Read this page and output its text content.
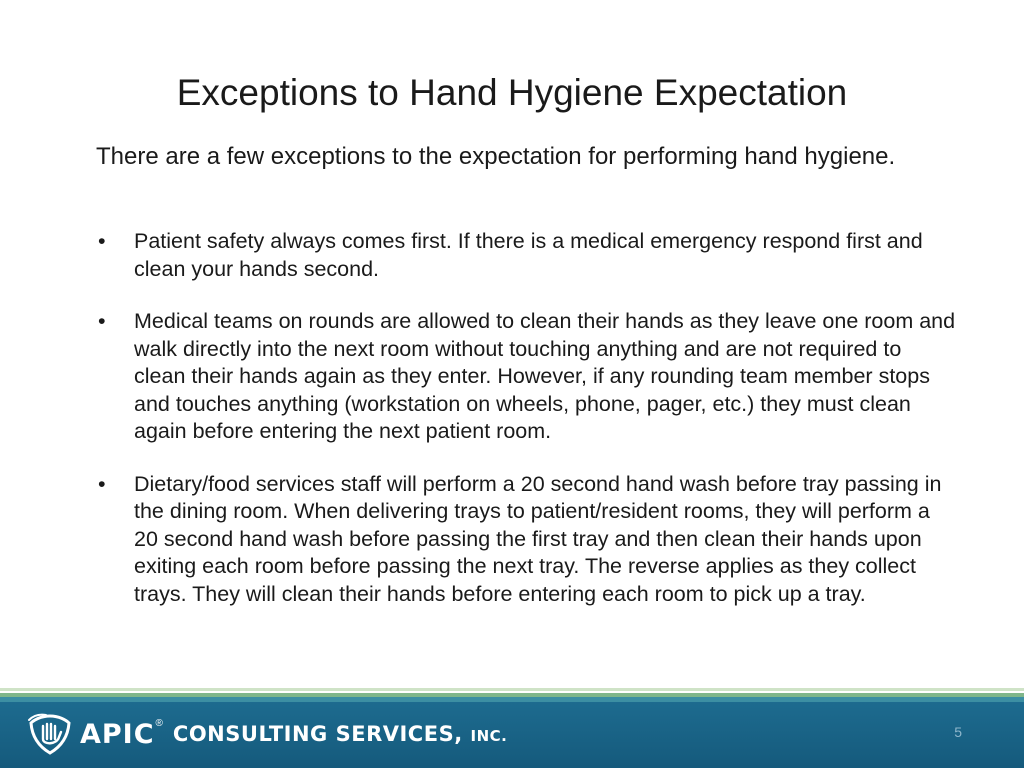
Exceptions to Hand Hygiene Expectation
There are a few exceptions to the expectation for performing hand hygiene.
•	Patient safety always comes first. If there is a medical emergency respond first and clean your hands second.
•	Medical teams on rounds are allowed to clean their hands as they leave one room and walk directly into the next room without touching anything and are not required to clean their hands again as they enter. However, if any rounding team member stops and touches anything (workstation on wheels, phone, pager, etc.) they must clean again before entering the next patient room.
•	Dietary/food services staff will perform a 20 second hand wash before tray passing in the dining room. When delivering trays to patient/resident rooms, they will perform a 20 second hand wash before passing the first tray and then clean their hands upon exiting each room before passing the next tray. The reverse applies as they collect trays. They will clean their hands before entering each room to pick up a tray.
APIC ® CONSULTING SERVICES, INC.	5
